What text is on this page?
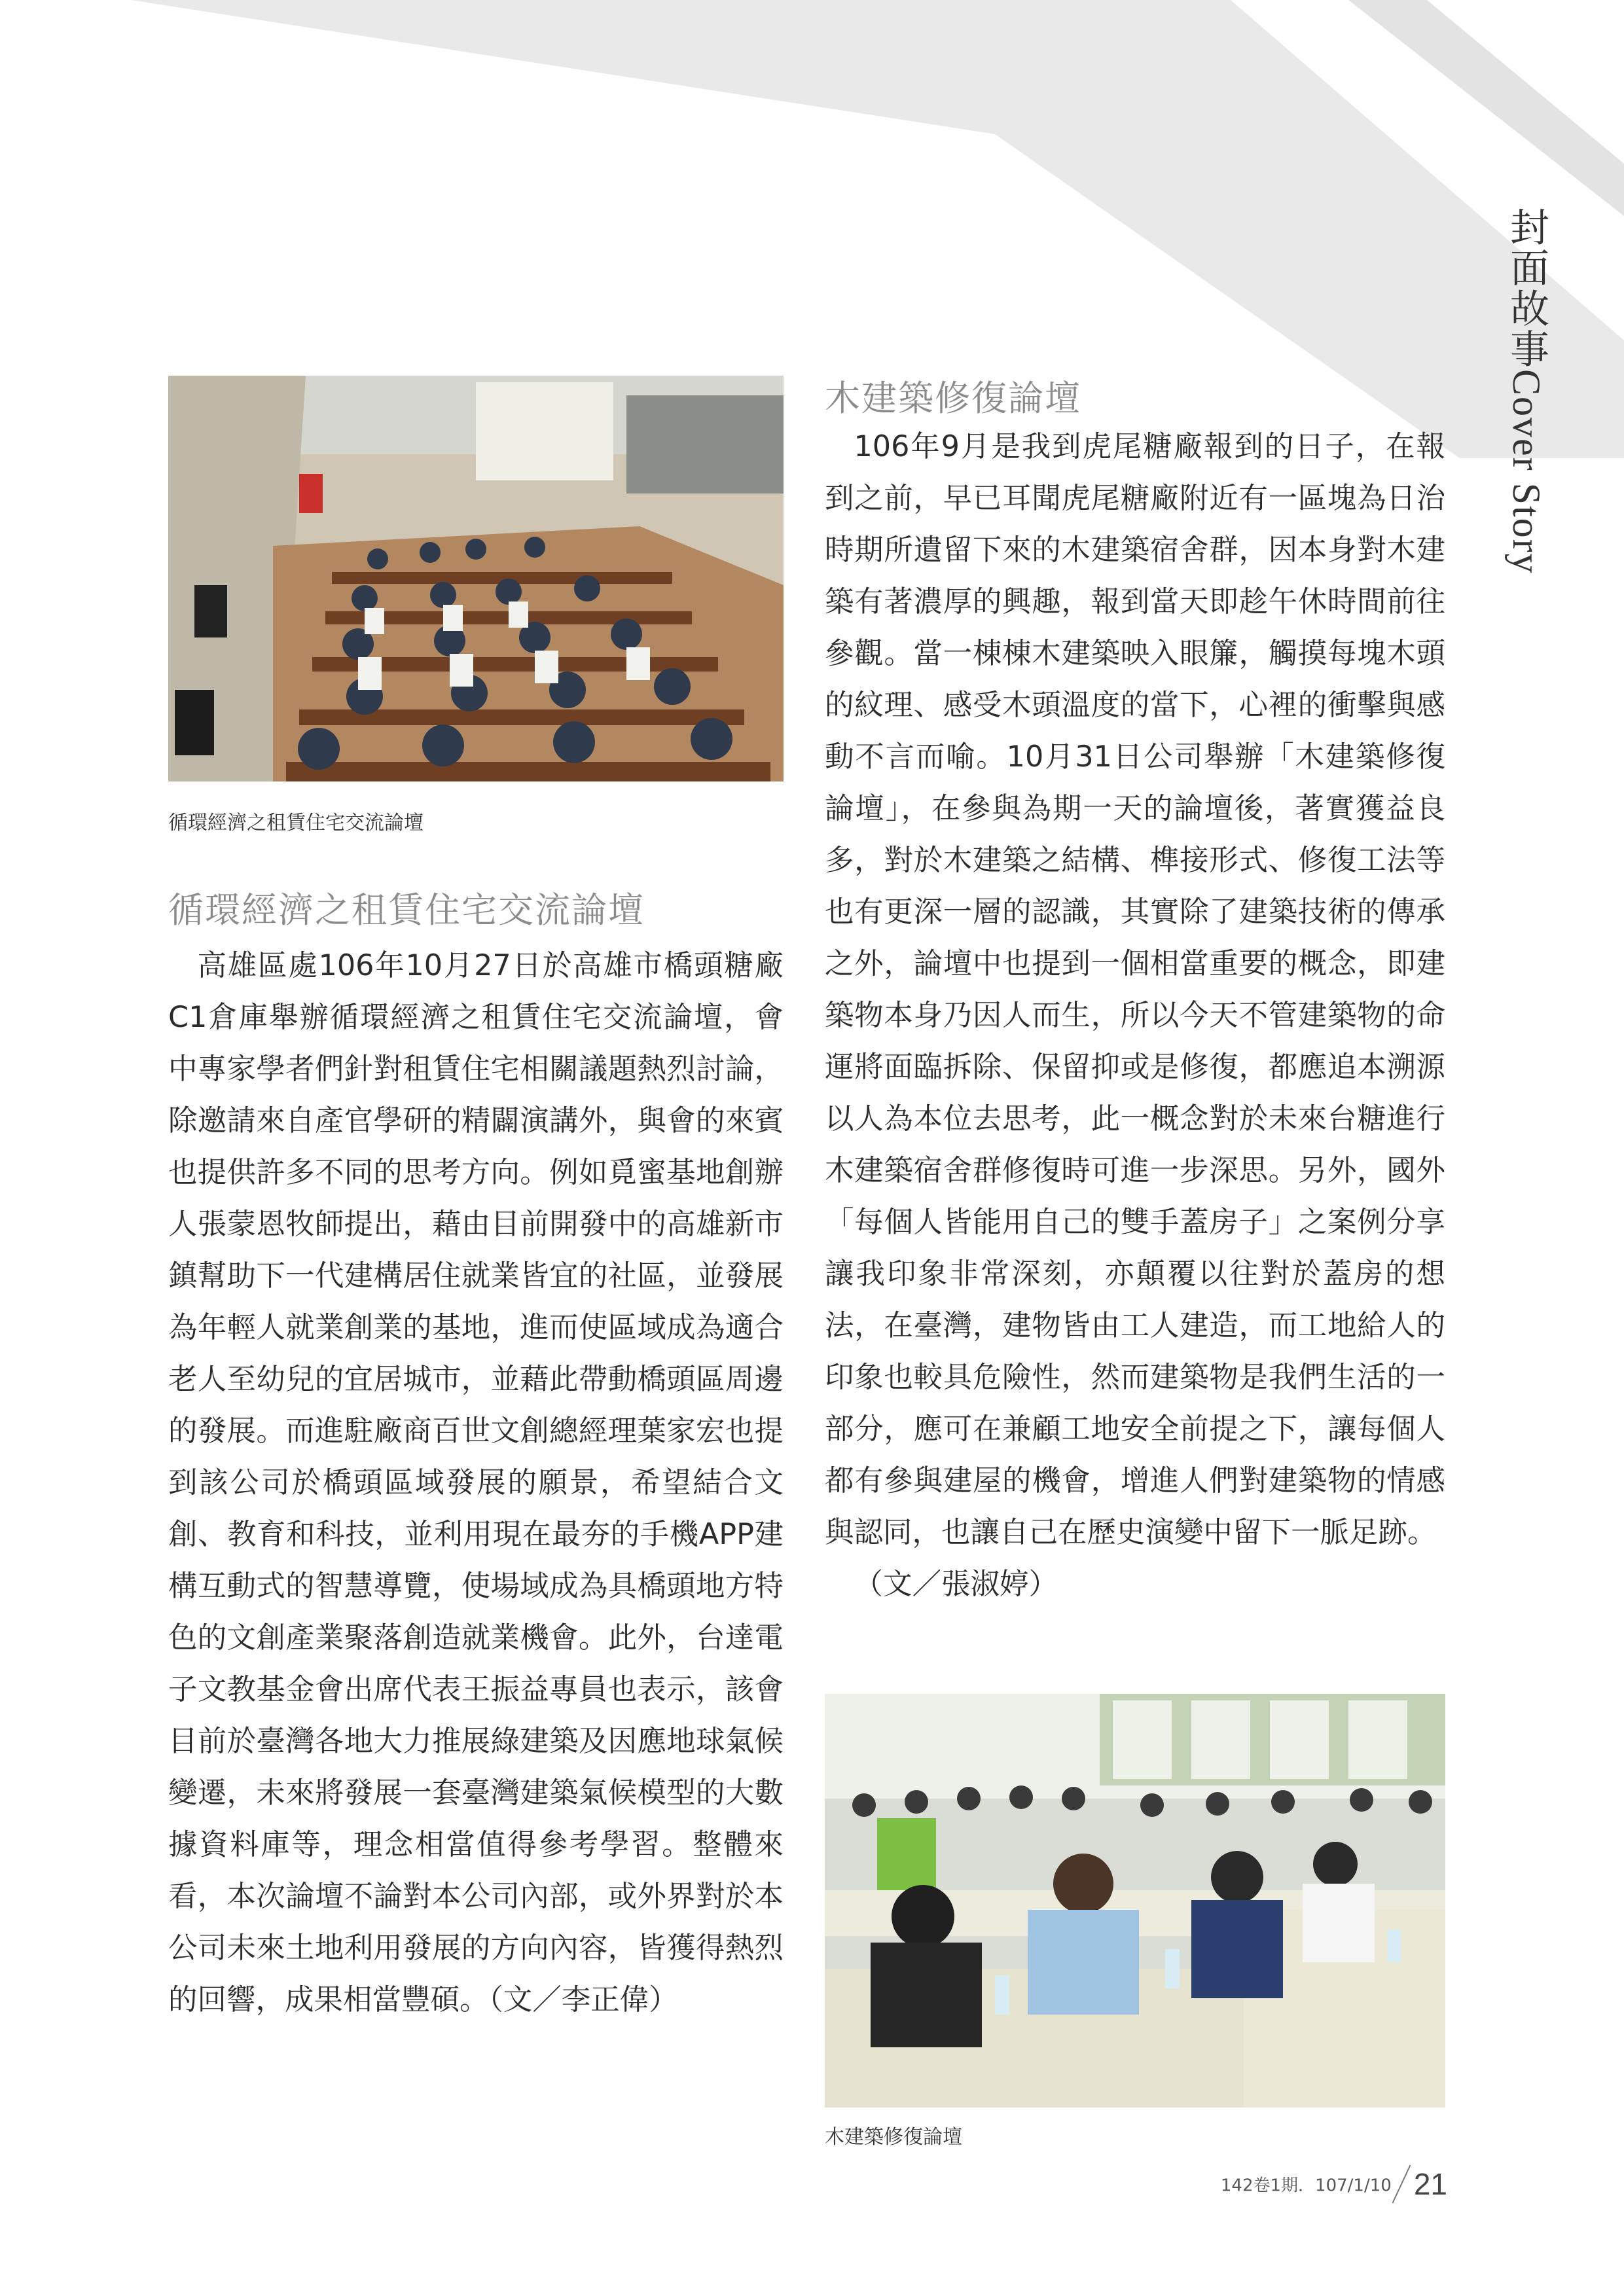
封面故事Cover Story
循環經濟之租賃住宅交流論壇
循環經濟之租賃住宅交流論壇

高雄區處106年10月27日於高雄市橋頭糖廠C1倉庫舉辦循環經濟之租賃住宅交流論壇，會中專家學者們針對租賃住宅相關議題熱烈討論，除邀請來自產官學研的精闢演講外，與會的來賓也提供許多不同的思考方向。例如覓蜜基地創辦人張蒙恩牧師提出，藉由目前開發中的高雄新市鎮幫助下一代建構居住就業皆宜的社區，並發展為年輕人就業創業的基地，進而使區域成為適合老人至幼兒的宜居城市，並藉此帶動橋頭區周邊的發展。而進駐廠商百世文創總經理葉家宏也提到該公司於橋頭區域發展的願景，希望結合文創、教育和科技，並利用現在最夯的手機APP建構互動式的智慧導覽，使場域成為具橋頭地方特色的文創產業聚落創造就業機會。此外，台達電子文教基金會出席代表王振益專員也表示，該會目前於臺灣各地大力推展綠建築及因應地球氣候變遷，未來將發展一套臺灣建築氣候模型的大數據資料庫等，理念相當值得參考學習。整體來看，本次論壇不論對本公司內部，或外界對於本公司未來土地利用發展的方向內容，皆獲得熱烈的回響，成果相當豐碩。（文／李正偉）

木建築修復論壇

106年9月是我到虎尾糖廠報到的日子，在報到之前，早已耳聞虎尾糖廠附近有一區塊為日治時期所遺留下來的木建築宿舍群，因本身對木建築有著濃厚的興趣，報到當天即趁午休時間前往參觀。當一棟棟木建築映入眼簾，觸摸每塊木頭的紋理、感受木頭溫度的當下，心裡的衝擊與感動不言而喻。10月31日公司舉辦「木建築修復論壇」，在參與為期一天的論壇後，著實獲益良多，對於木建築之結構、榫接形式、修復工法等也有更深一層的認識，其實除了建築技術的傳承之外，論壇中也提到一個相當重要的概念，即建築物本身乃因人而生，所以今天不管建築物的命運將面臨拆除、保留抑或是修復，都應追本溯源以人為本位去思考，此一概念對於未來台糖進行木建築宿舍群修復時可進一步深思。另外，國外「每個人皆能用自己的雙手蓋房子」之案例分享讓我印象非常深刻，亦顛覆以往對於蓋房的想法，在臺灣，建物皆由工人建造，而工地給人的印象也較具危險性，然而建築物是我們生活的一部分，應可在兼顧工地安全前提之下，讓每個人都有參與建屋的機會，增進人們對建築物的情感與認同，也讓自己在歷史演變中留下一脈足跡。

（文／張淑婷）

木建築修復論壇
142卷1期．107/1/10 21
